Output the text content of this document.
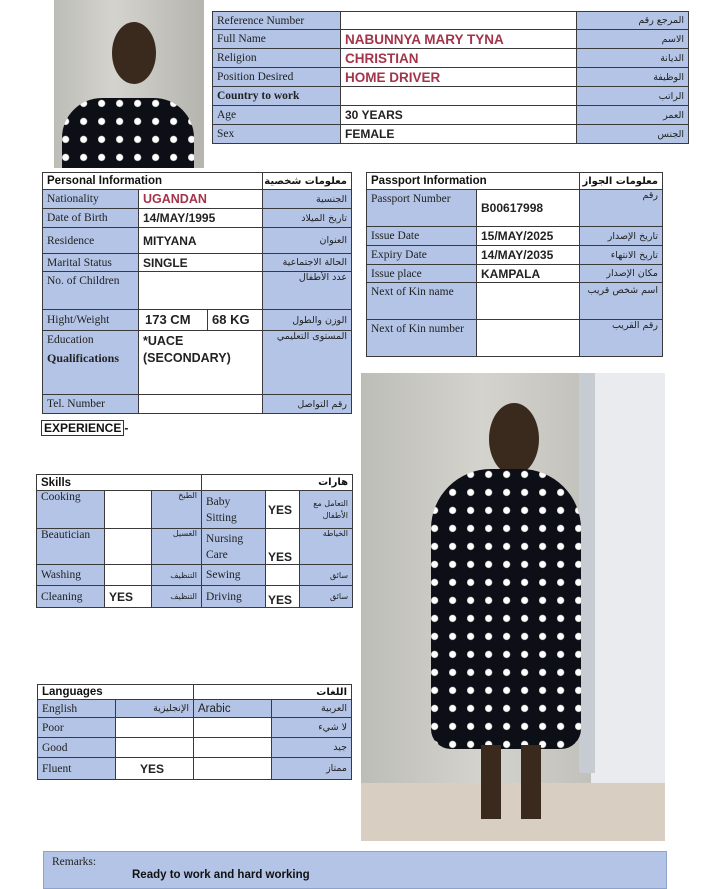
Reference Number		المرجع رقم
Full Name	NABUNNYA MARY TYNA	الاسم
Religion	CHRISTIAN	الديانة
Position Desired	HOME DRIVER	الوظيفة
Country to work		الراتب
Age	30 YEARS	العمر
Sex	FEMALE	الجنس
Personal Information		معلومات شخصية
Nationality	UGANDAN	الجنسية
Date of Birth	14/MAY/1995	تاريخ الميلاد
Residence	MITYANA	العنوان
Marital Status	SINGLE	الحالة الاجتماعية
No. of Children		عدد الأطفال
Hight/Weight	173 CM 68 KG	الوزن والطول
Education
Qualifications	*UACE (SECONDARY)	المستوى التعليمي
Tel. Number		رقم التواصل
Passport Information		معلومات الجواز
Passport Number	B00617998	رقم
Issue Date	15/MAY/2025	تاريخ الإصدار
Expiry Date	14/MAY/2035	تاريخ الانتهاء
Issue place	KAMPALA	مكان الإصدار
Next of Kin name		اسم شخص قريب
Next of Kin number		رقم القريب
EXPERIENCE -
Skills			هارات		
Cooking		الطبخ	Baby Sitting	YES	التعامل مع الأطفال
Beautician		الغسيل	Nursing Care	YES	الخياطة
Washing		التنظيف	Sewing		سائق
Cleaning	YES	التنظيف	Driving	YES	سائق
Languages		اللغات	
English	الإنجليزية	Arabic	العربية
Poor			لا شيء
Good			جيد
Fluent	YES		ممتاز
Remarks:
Ready to work and hard working
